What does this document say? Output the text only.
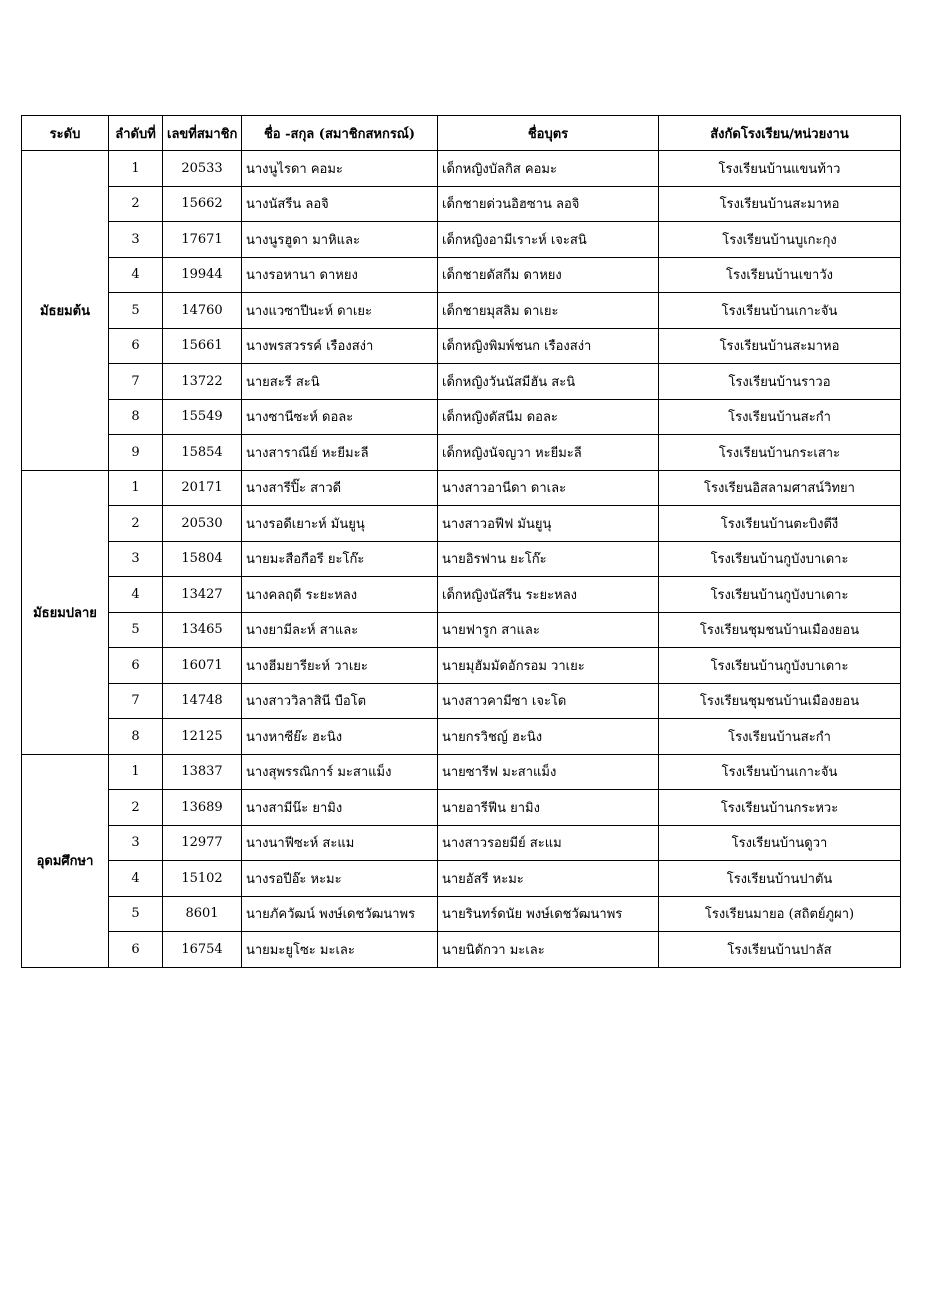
ระดับ	ลำดับที่	เลขที่สมาชิก	ชื่อ -สกุล (สมาชิกสหกรณ์)	ชื่อบุตร	สังกัดโรงเรียน/หน่วยงาน
มัธยมต้น	1	20533	นางนูไรดา คอมะ	เด็กหญิงบัลกิส คอมะ	โรงเรียนบ้านแขนท้าว
	2	15662	นางนัสรีน ลอจิ	เด็กชายด่วนอิฮซาน ลอจิ	โรงเรียนบ้านสะมาหอ
	3	17671	นางนูรฮูดา มาหิและ	เด็กหญิงอามีเราะห์ เจะสนิ	โรงเรียนบ้านบูเกะกุง
	4	19944	นางรอหานา ดาหยง	เด็กชายดัสกีม ดาหยง	โรงเรียนบ้านเขาวัง
	5	14760	นางแวซาปีนะห์ ดาเยะ	เด็กชายมุสลิม ดาเยะ	โรงเรียนบ้านเกาะจัน
	6	15661	นางพรสวรรค์ เรืองสง่า	เด็กหญิงพิมพ์ชนก เรืองสง่า	โรงเรียนบ้านสะมาหอ
	7	13722	นายสะรี สะนิ	เด็กหญิงวันนัสมีฮัน สะนิ	โรงเรียนบ้านราวอ
	8	15549	นางซานีซะห์ ดอละ	เด็กหญิงดัสนีม ดอละ	โรงเรียนบ้านสะกำ
	9	15854	นางสาราณีย์ หะยีมะลี	เด็กหญิงนัจญวา หะยีมะลี	โรงเรียนบ้านกระเสาะ
มัธยมปลาย	1	20171	นางสารีปิ๊ะ สาวดี	นางสาวอานีดา ดาเละ	โรงเรียนอิสลามศาสน์วิทยา
	2	20530	นางรอดีเยาะห์ มันยูนุ	นางสาวอฟีฟ มันยูนุ	โรงเรียนบ้านตะบิงตีงี
	3	15804	นายมะสือกือรี ยะโก๊ะ	นายอิรฟาน ยะโก๊ะ	โรงเรียนบ้านกูบังบาเดาะ
	4	13427	นางคลฤดี ระยะหลง	เด็กหญิงนัสรีน ระยะหลง	โรงเรียนบ้านกูบังบาเดาะ
	5	13465	นางยามีละห์ สาและ	นายฟารูก สาและ	โรงเรียนชุมชนบ้านเมืองยอน
	6	16071	นางฮีมยารียะห์ วาเยะ	นายมุฮัมมัดอักรอม วาเยะ	โรงเรียนบ้านกูบังบาเดาะ
	7	14748	นางสาววิลาสินี บือโต	นางสาวคามีซา เจะโด	โรงเรียนชุมชนบ้านเมืองยอน
	8	12125	นางหาซีย๊ะ ฮะนิง	นายกรวิชญ์ ฮะนิง	โรงเรียนบ้านสะกำ
อุดมศึกษา	1	13837	นางสุพรรณิการ์ มะสาแม็ง	นายซารีฟ มะสาแม็ง	โรงเรียนบ้านเกาะจัน
	2	13689	นางสามีน๊ะ ยามิง	นายอารีฟีน ยามิง	โรงเรียนบ้านกระหวะ
	3	12977	นางนาฟีซะห์ สะแม	นางสาวรอยมีย์ สะแม	โรงเรียนบ้านดูวา
	4	15102	นางรอปีอ๊ะ หะมะ	นายอัสรี หะมะ	โรงเรียนบ้านปาตัน
	5	8601	นายภัควัฒน์ พงษ์เดชวัฒนาพร	นายรินทร์ดนัย พงษ์เดชวัฒนาพร	โรงเรียนมายอ (สถิตย์ภูผา)
	6	16754	นายมะยูโซะ มะเละ	นายนิดักวา มะเละ	โรงเรียนบ้านปาลัส
